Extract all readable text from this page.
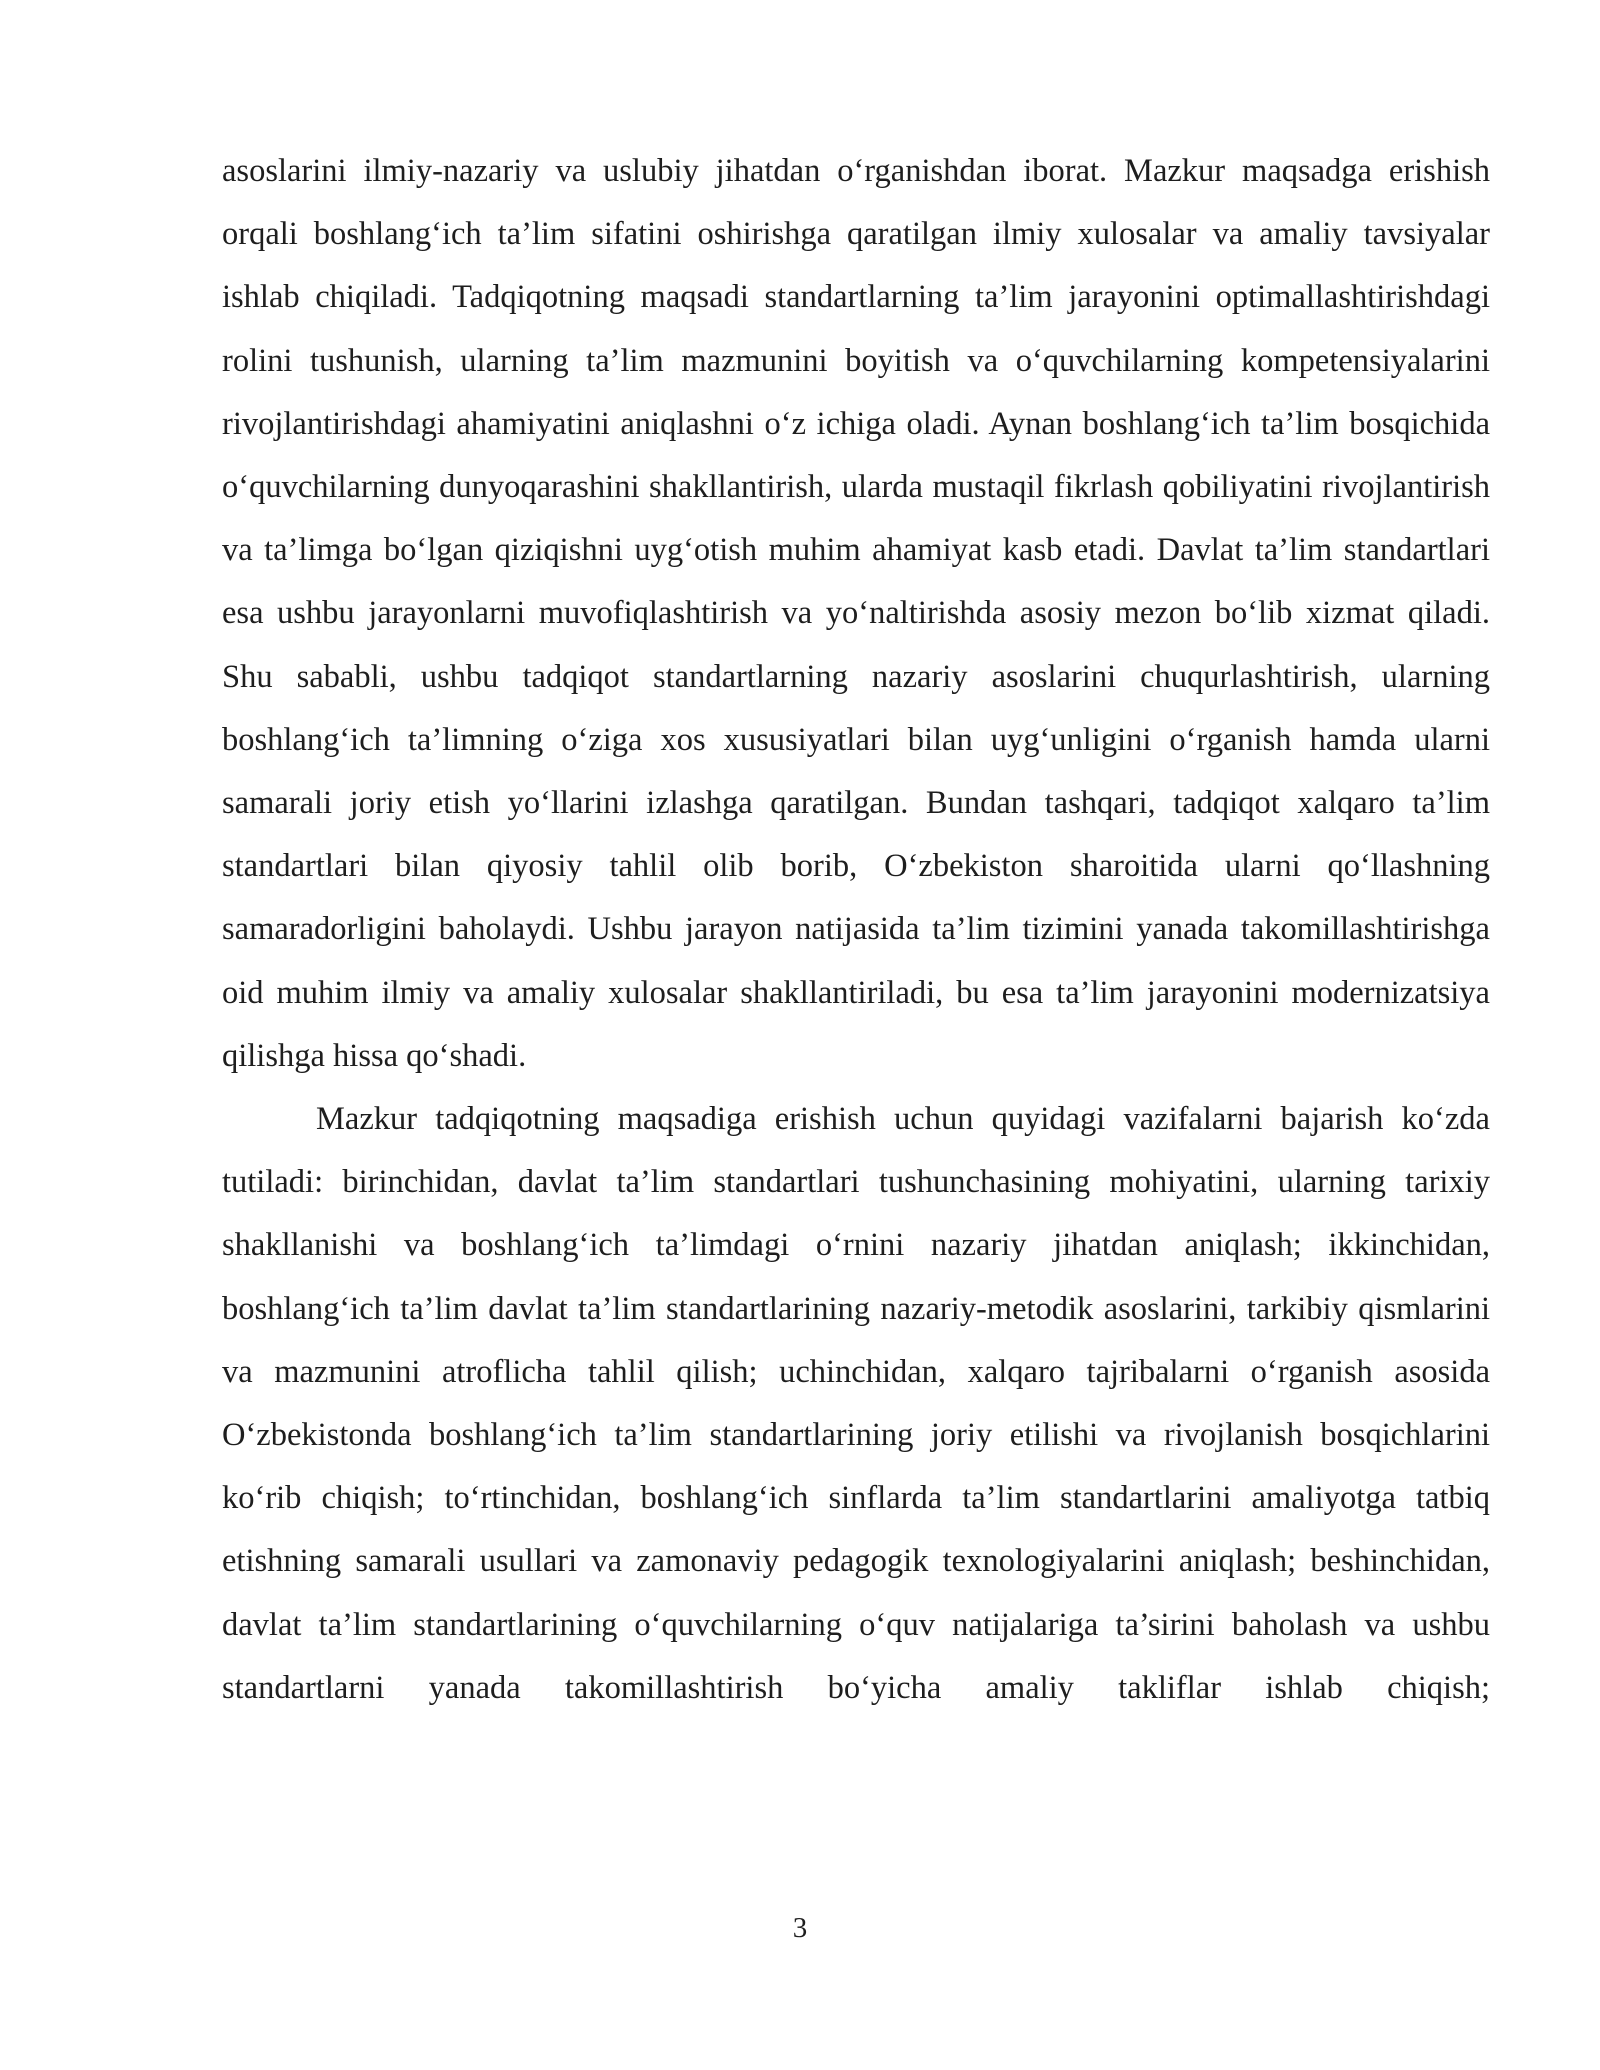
asoslarini ilmiy-nazariy va uslubiy jihatdan o‘rganishdan iborat. Mazkur maqsadga erishish orqali boshlang‘ich ta’lim sifatini oshirishga qaratilgan ilmiy xulosalar va amaliy tavsiyalar ishlab chiqiladi. Tadqiqotning maqsadi standartlarning ta’lim jarayonini optimallashtirishdagi rolini tushunish, ularning ta’lim mazmunini boyitish va o‘quvchilarning kompetensiyalarini rivojlantirishdagi ahamiyatini aniqlashni o‘z ichiga oladi. Aynan boshlang‘ich ta’lim bosqichida o‘quvchilarning dunyoqarashini shakllantirish, ularda mustaqil fikrlash qobiliyatini rivojlantirish va ta’limga bo‘lgan qiziqishni uyg‘otish muhim ahamiyat kasb etadi. Davlat ta’lim standartlari esa ushbu jarayonlarni muvofiqlashtirish va yo‘naltirishda asosiy mezon bo‘lib xizmat qiladi. Shu sababli, ushbu tadqiqot standartlarning nazariy asoslarini chuqurlashtirish, ularning boshlang‘ich ta’limning o‘ziga xos xususiyatlari bilan uyg‘unligini o‘rganish hamda ularni samarali joriy etish yo‘llarini izlashga qaratilgan. Bundan tashqari, tadqiqot xalqaro ta’lim standartlari bilan qiyosiy tahlil olib borib, O‘zbekiston sharoitida ularni qo‘llashning samaradorligini baholaydi. Ushbu jarayon natijasida ta’lim tizimini yanada takomillashtirishga oid muhim ilmiy va amaliy xulosalar shakllantiriladi, bu esa ta’lim jarayonini modernizatsiya qilishga hissa qo‘shadi.

Mazkur tadqiqotning maqsadiga erishish uchun quyidagi vazifalarni bajarish ko‘zda tutiladi: birinchidan, davlat ta’lim standartlari tushunchasining mohiyatini, ularning tarixiy shakllanishi va boshlang‘ich ta’limdagi o‘rnini nazariy jihatdan aniqlash; ikkinchidan, boshlang‘ich ta’lim davlat ta’lim standartlarining nazariy-metodik asoslarini, tarkibiy qismlarini va mazmunini atroflicha tahlil qilish; uchinchidan, xalqaro tajribalarni o‘rganish asosida O‘zbekistonda boshlang‘ich ta’lim standartlarining joriy etilishi va rivojlanish bosqichlarini ko‘rib chiqish; to‘rtinchidan, boshlang‘ich sinflarda ta’lim standartlarini amaliyotga tatbiq etishning samarali usullari va zamonaviy pedagogik texnologiyalarini aniqlash; beshinchidan, davlat ta’lim standartlarining o‘quvchilarning o‘quv natijalariga ta’sirini baholash va ushbu standartlarni yanada takomillashtirish bo‘yicha amaliy takliflar ishlab chiqish;

3
